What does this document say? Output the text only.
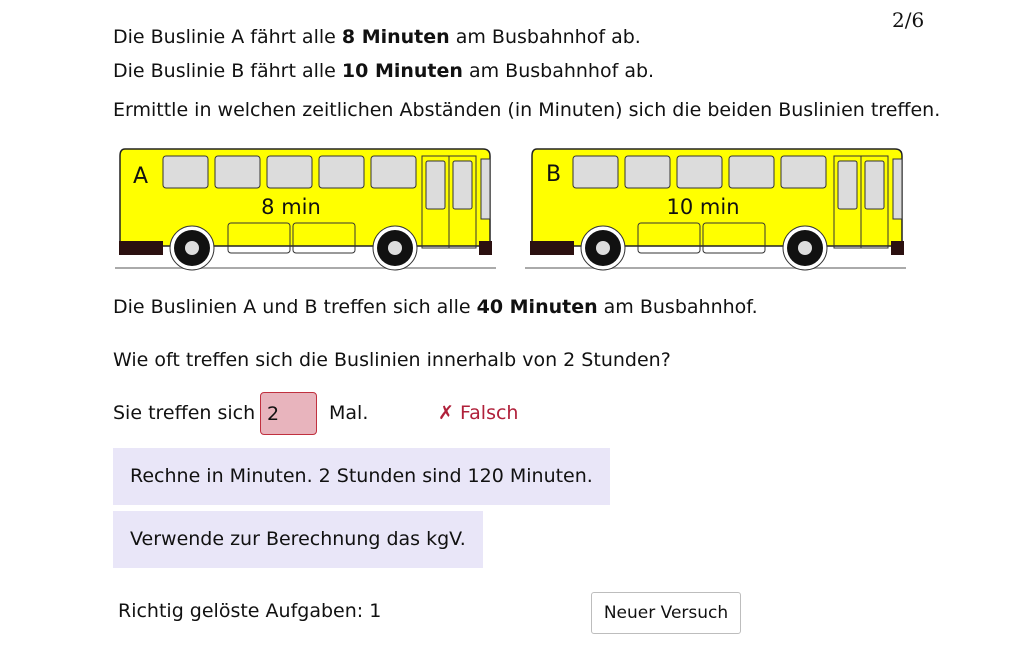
2/6
Die Buslinie A fährt alle 8 Minuten am Busbahnhof ab.
Die Buslinie B fährt alle 10 Minuten am Busbahnhof ab.
Ermittle in welchen zeitlichen Abständen (in Minuten) sich die beiden Buslinien treffen.
A
8 min
B
10 min
Die Buslinien A und B treffen sich alle 40 Minuten am Busbahnhof.
Wie oft treffen sich die Buslinien innerhalb von 2 Stunden?
Sie treffen sich
2	Mal.	✗ Falsch
Rechne in Minuten. 2 Stunden sind 120 Minuten.
Verwende zur Berechnung das kgV.
Richtig gelöste Aufgaben: 1	Neuer Versuch
